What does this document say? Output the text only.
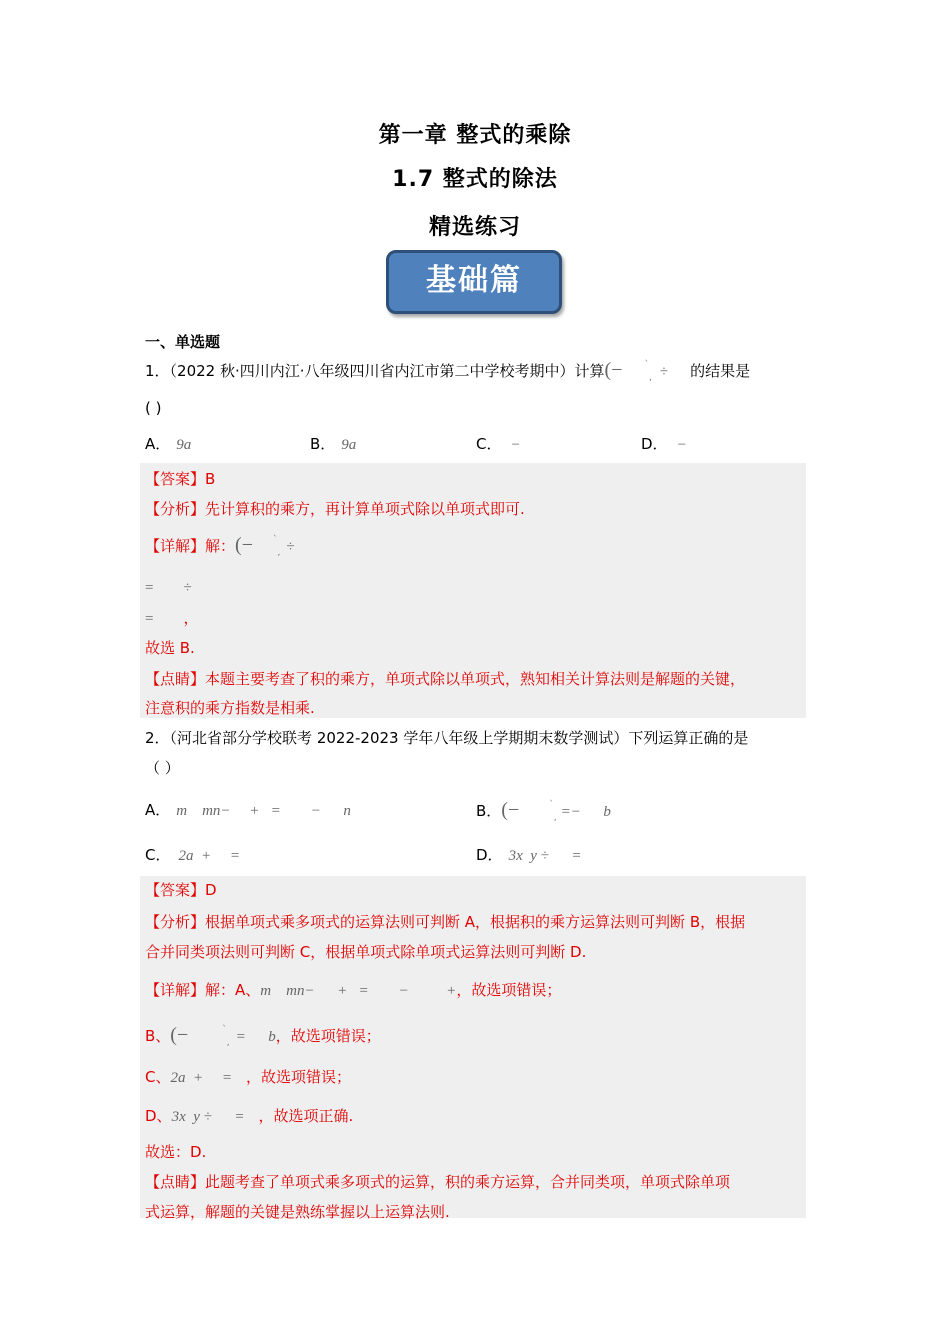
第一章 整式的乘除
1.7 整式的除法
精选练习
基础篇
一、单选题
1．（2022 秋·四川内江·八年级四川省内江市第二中学校考期中）计算(− $^ˋ_,$ ÷ 的结果是
( )
A． 9a	B． 9a	C． −	D． −
【答案】B
【分析】先计算积的乘方，再计算单项式除以单项式即可.
【详解】解：(− $^ˋ_,$ ÷
= ÷
= ，
故选 B.
【点睛】本题主要考查了积的乘方，单项式除以单项式，熟知相关计算法则是解题的关键，
注意积的乘方指数是相乘.
2．（河北省部分学校联考 2022-2023 学年八年级上学期期末数学测试）下列运算正确的是
（ ）
A． m    mn−     +   =        −      n	B．(−	$^ˋ_,$ =−      b
C． 2a  +     =	D． 3x  y ÷      =
【答案】D
【分析】根据单项式乘多项式的运算法则可判断 A，根据积的乘方运算法则可判断 B，根据
合并同类项法则可判断 C，根据单项式除单项式运算法则可判断 D.
【详解】解：A、m    mn−      +   =        −          +，故选项错误；
B、(−	$^ˋ_,$ =      b，故选项错误；
C、2a  +     = ，故选项错误；
D、3x  y ÷      = ，故选项正确.
故选：D.
【点睛】此题考查了单项式乘多项式的运算，积的乘方运算，合并同类项，单项式除单项
式运算，解题的关键是熟练掌握以上运算法则.
